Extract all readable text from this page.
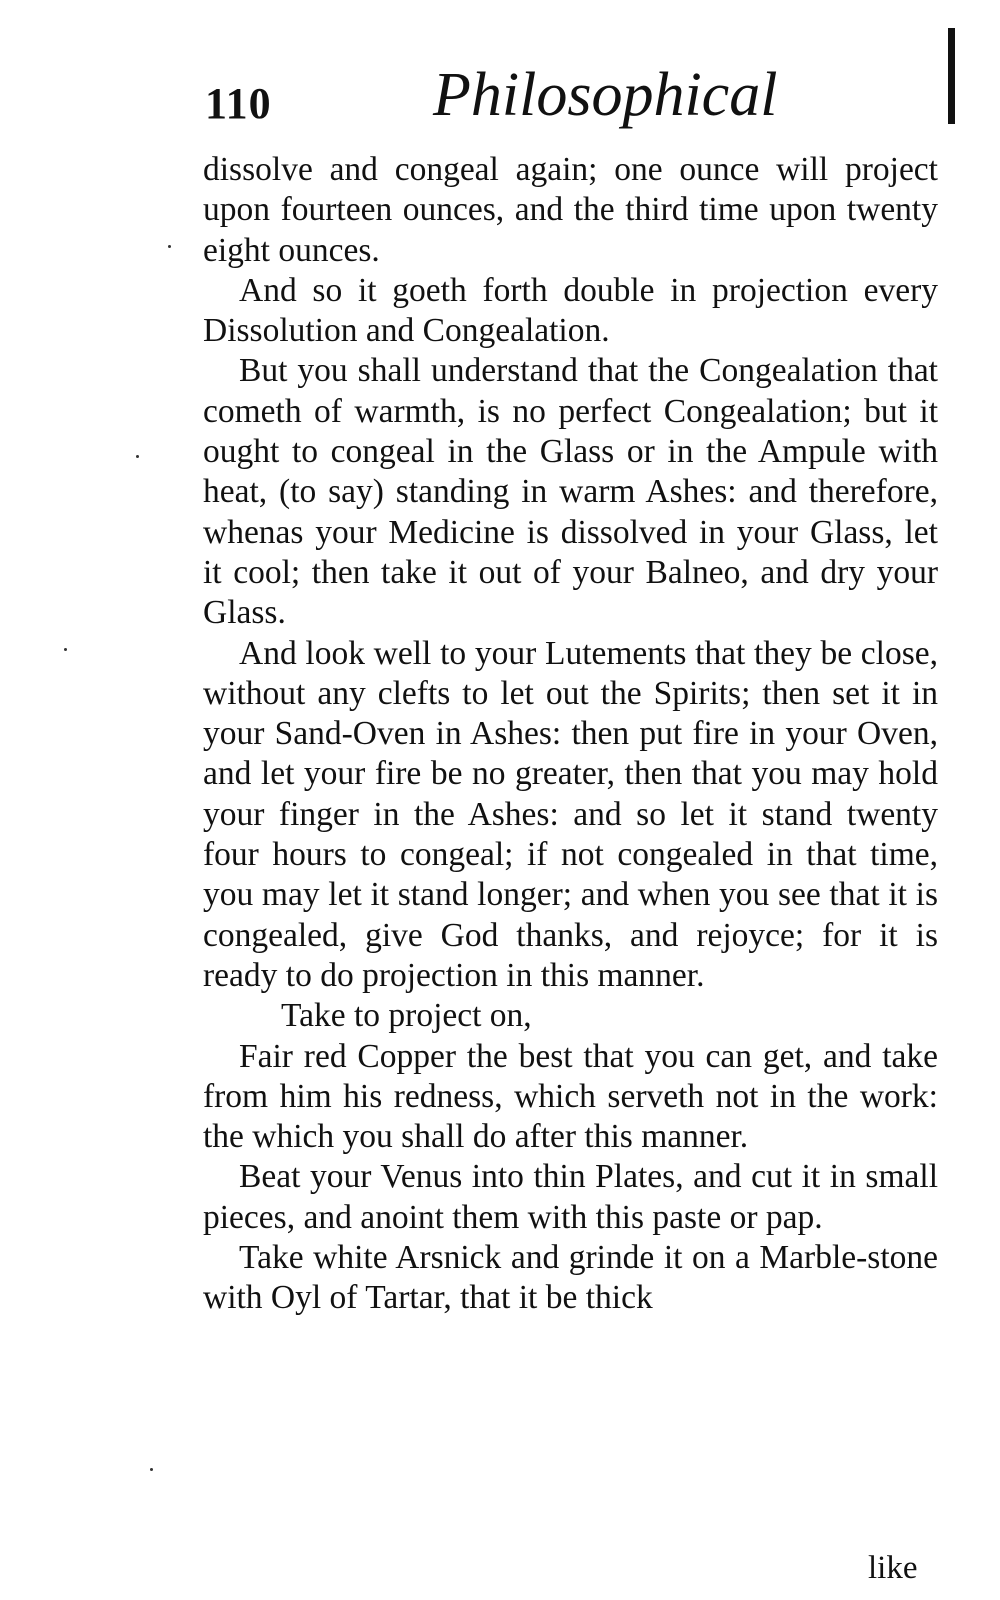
110	Philosophical

dissolve and congeal again; one ounce will project upon fourteen ounces, and the third time upon twenty eight ounces.

And so it goeth forth double in projection every Dissolution and Congealation.

But you shall understand that the Congealation that cometh of warmth, is no perfect Congealation; but it ought to congeal in the Glass or in the Ampule with heat, (to say) standing in warm Ashes: and therefore, whenas your Medicine is dissolved in your Glass, let it cool; then take it out of your Balneo, and dry your Glass.

And look well to your Lutements that they be close, without any clefts to let out the Spirits; then set it in your Sand-Oven in Ashes: then put fire in your Oven, and let your fire be no greater, then that you may hold your finger in the Ashes: and so let it stand twenty four hours to congeal; if not congealed in that time, you may let it stand longer; and when you see that it is congealed, give God thanks, and rejoyce; for it is ready to do projection in this manner.

Take to project on,

Fair red Copper the best that you can get, and take from him his redness, which serveth not in the work: the which you shall do after this manner.

Beat your Venus into thin Plates, and cut it in small pieces, and anoint them with this paste or pap.

Take white Arsnick and grinde it on a Marble-stone with Oyl of Tartar, that it be thick

like
